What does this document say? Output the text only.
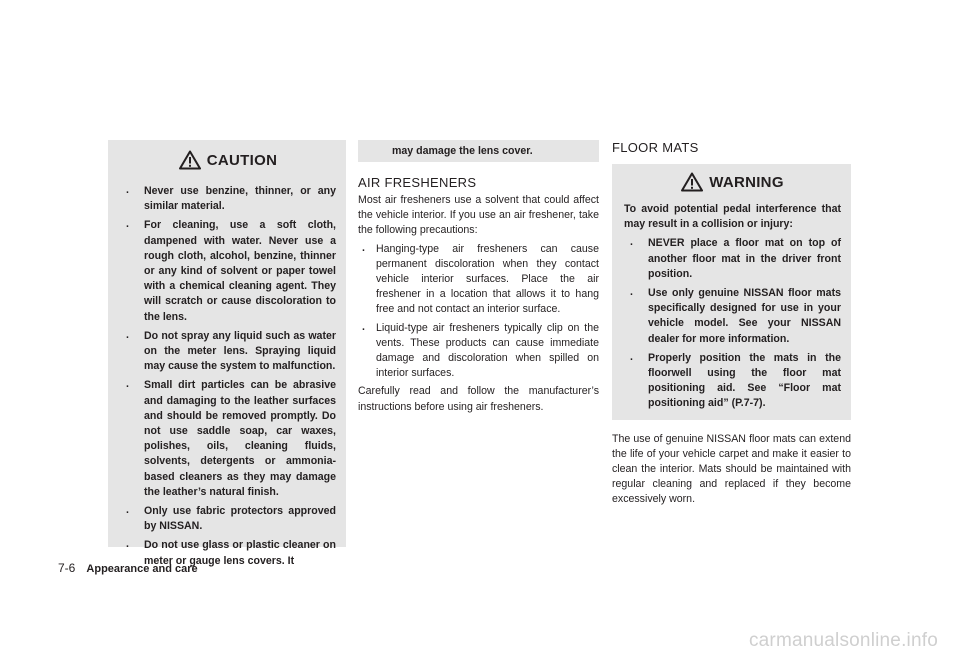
CAUTION
. Never use benzine, thinner, or any similar material.
. For cleaning, use a soft cloth, dampened with water. Never use a rough cloth, alcohol, benzine, thinner or any kind of solvent or paper towel with a chemical cleaning agent. They will scratch or cause discoloration to the lens.
. Do not spray any liquid such as water on the meter lens. Spraying liquid may cause the system to malfunction.
. Small dirt particles can be abrasive and damaging to the leather surfaces and should be removed promptly. Do not use saddle soap, car waxes, polishes, oils, cleaning fluids, solvents, detergents or ammonia-based cleaners as they may damage the leather’s natural finish.
. Only use fabric protectors approved by NISSAN.
. Do not use glass or plastic cleaner on meter or gauge lens covers. It
may damage the lens cover.
AIR FRESHENERS

Most air fresheners use a solvent that could affect the vehicle interior. If you use an air freshener, take the following precautions:

. Hanging-type air fresheners can cause permanent discoloration when they contact vehicle interior surfaces. Place the air freshener in a location that allows it to hang free and not contact an interior surface.
. Liquid-type air fresheners typically clip on the vents. These products can cause immediate damage and discoloration when spilled on interior surfaces.

Carefully read and follow the manufacturer’s instructions before using air fresheners.

FLOOR MATS
WARNING

To avoid potential pedal interference that may result in a collision or injury:

. NEVER place a floor mat on top of another floor mat in the driver front position.
. Use only genuine NISSAN floor mats specifically designed for use in your vehicle model. See your NISSAN dealer for more information.
. Properly position the mats in the floorwell using the floor mat positioning aid. See “Floor mat positioning aid” (P.7-7).

The use of genuine NISSAN floor mats can extend the life of your vehicle carpet and make it easier to clean the interior. Mats should be maintained with regular cleaning and replaced if they become excessively worn.

7-6 Appearance and care
carmanualsonline.info
